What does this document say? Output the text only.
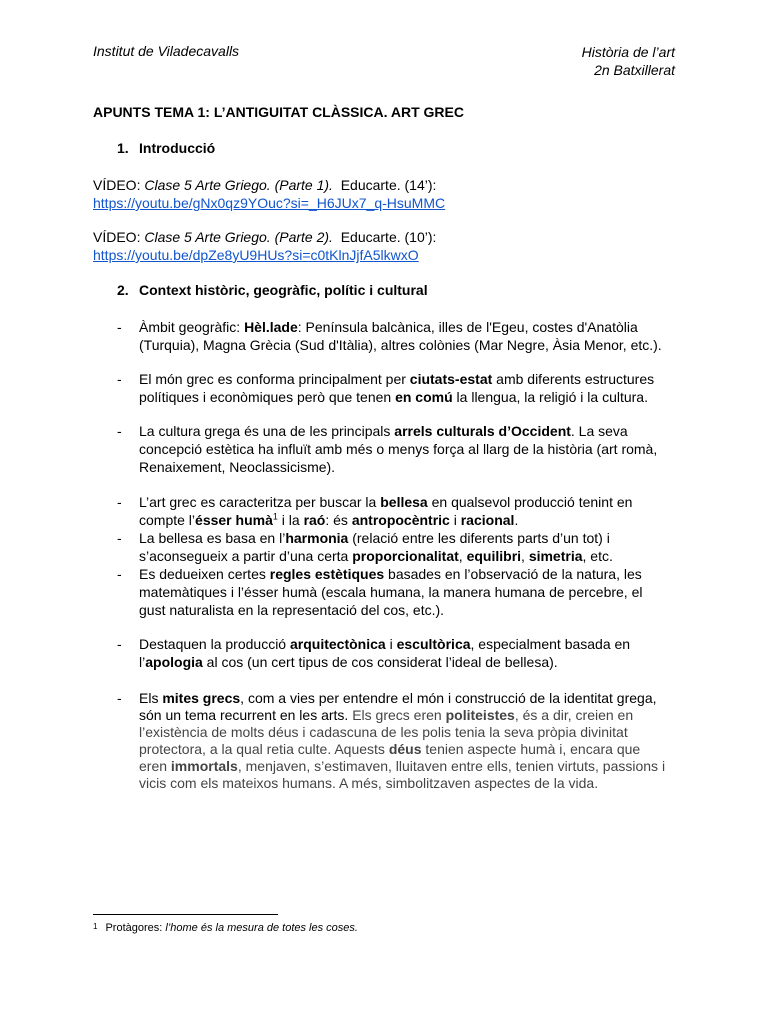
Institut de Viladecavalls	Història de l’art
2n Batxillerat
APUNTS TEMA 1: L’ANTIGUITAT CLÀSSICA. ART GREC
1. Introducció
VÍDEO: Clase 5 Arte Griego. (Parte 1).  Educarte. (14’):
https://youtu.be/gNx0qz9YOuc?si=_H6JUx7_q-HsuMMC
VÍDEO: Clase 5 Arte Griego. (Parte 2).  Educarte. (10’):
https://youtu.be/dpZe8yU9HUs?si=c0tKlnJjfA5lkwxO
2. Context històric, geogràfic, polític i cultural
- Àmbit geogràfic: Hèl.lade: Península balcànica, illes de l'Egeu, costes d'Anatòlia
(Turquia), Magna Grècia (Sud d'Itàlia), altres colònies (Mar Negre, Àsia Menor, etc.).
- El món grec es conforma principalment per ciutats-estat amb diferents estructures
polítiques i econòmiques però que tenen en comú la llengua, la religió i la cultura.
- La cultura grega és una de les principals arrels culturals d’Occident. La seva
concepció estètica ha influït amb més o menys força al llarg de la història (art romà,
Renaixement, Neoclassicisme).
- L’art grec es caracteritza per buscar la bellesa en qualsevol producció tenint en
compte l’ésser humà$^1$ i la raó: és antropocèntric i racional.
- La bellesa es basa en l’harmonia (relació entre les diferents parts d’un tot) i
s’aconsegueix a partir d’una certa proporcionalitat, equilibri, simetria, etc.
- Es dedueixen certes regles estètiques basades en l’observació de la natura, les
matemàtiques i l’ésser humà (escala humana, la manera humana de percebre, el
gust naturalista en la representació del cos, etc.).
- Destaquen la producció arquitectònica i escultòrica, especialment basada en
l’apologia al cos (un cert tipus de cos considerat l’ideal de bellesa).
- Els mites grecs, com a vies per entendre el món i construcció de la identitat grega,
són un tema recurrent en les arts. Els grecs eren politeistes, és a dir, creien en
l’existència de molts déus i cadascuna de les polis tenia la seva pròpia divinitat
protectora, a la qual retia culte. Aquests déus tenien aspecte humà i, encara que
eren immortals, menjaven, s’estimaven, lluitaven entre ells, tenien virtuts, passions i
vicis com els mateixos humans. A més, simbolitzaven aspectes de la vida.
$^1$ Protàgores: l’home és la mesura de totes les coses.
